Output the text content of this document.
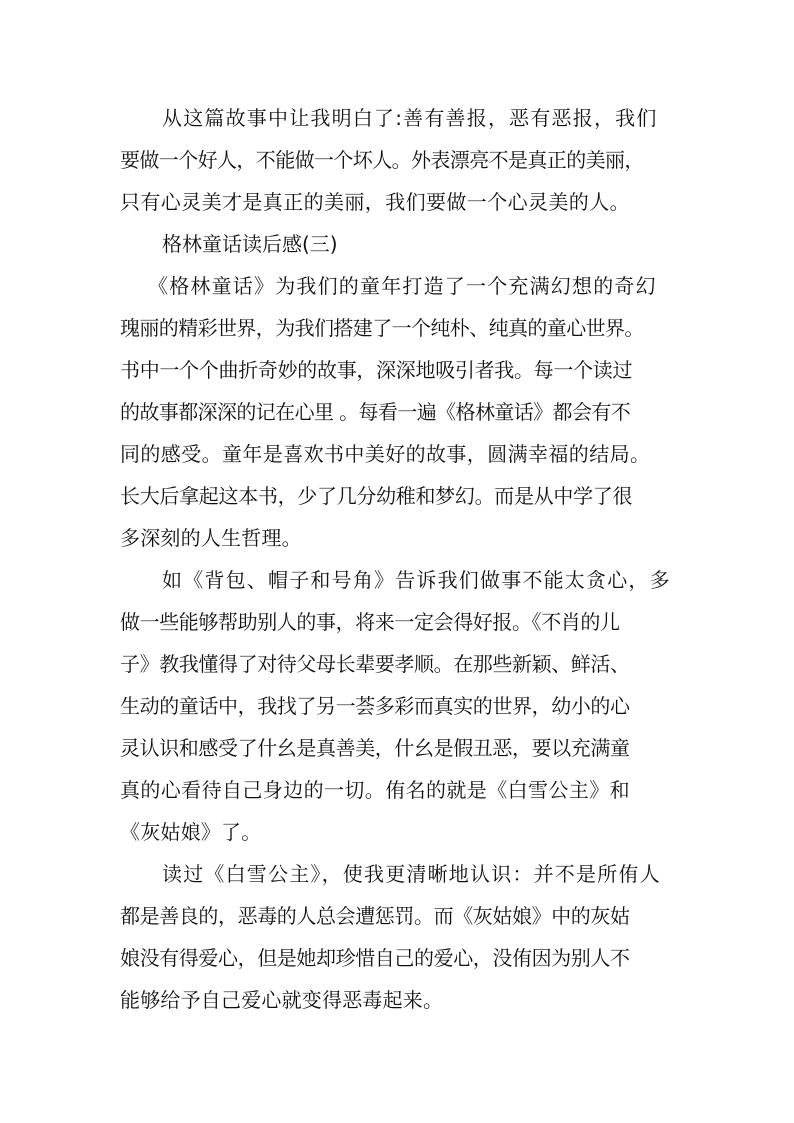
从这篇故事中让我明白了:善有善报，恶有恶报，我们
要做一个好人，不能做一个坏人。外表漂亮不是真正的美丽，
只有心灵美才是真正的美丽，我们要做一个心灵美的人。
格林童话读后感(三)
《格林童话》为我们的童年打造了一个充满幻想的奇幻
瑰丽的精彩世界，为我们搭建了一个纯朴、纯真的童心世界。
书中一个个曲折奇妙的故事，深深地吸引者我。每一个读过
的故事都深深的记在心里 。每看一遍《格林童话》都会有不
同的感受。童年是喜欢书中美好的故事，圆满幸福的结局。
长大后拿起这本书，少了几分幼稚和梦幻。而是从中学了很
多深刻的人生哲理。
如《背包、帽子和号角》告诉我们做事不能太贪心，多
做一些能够帮助别人的事，将来一定会得好报。《不肖的儿
子》教我懂得了对待父母长辈要孝顺。在那些新颖、鲜活、
生动的童话中，我找了另一荟多彩而真实的世界，幼小的心
灵认识和感受了什幺是真善美，什幺是假丑恶，要以充满童
真的心看待自己身边的一切。侑名的就是《白雪公主》和
《灰姑娘》了。
读过《白雪公主》，使我更清晰地认识：并不是所侑人
都是善良的，恶毒的人总会遭惩罚。而《灰姑娘》中的灰姑
娘没有得爱心，但是她却珍惜自己的爱心，没侑因为别人不
能够给予自己爱心就变得恶毒起来。
